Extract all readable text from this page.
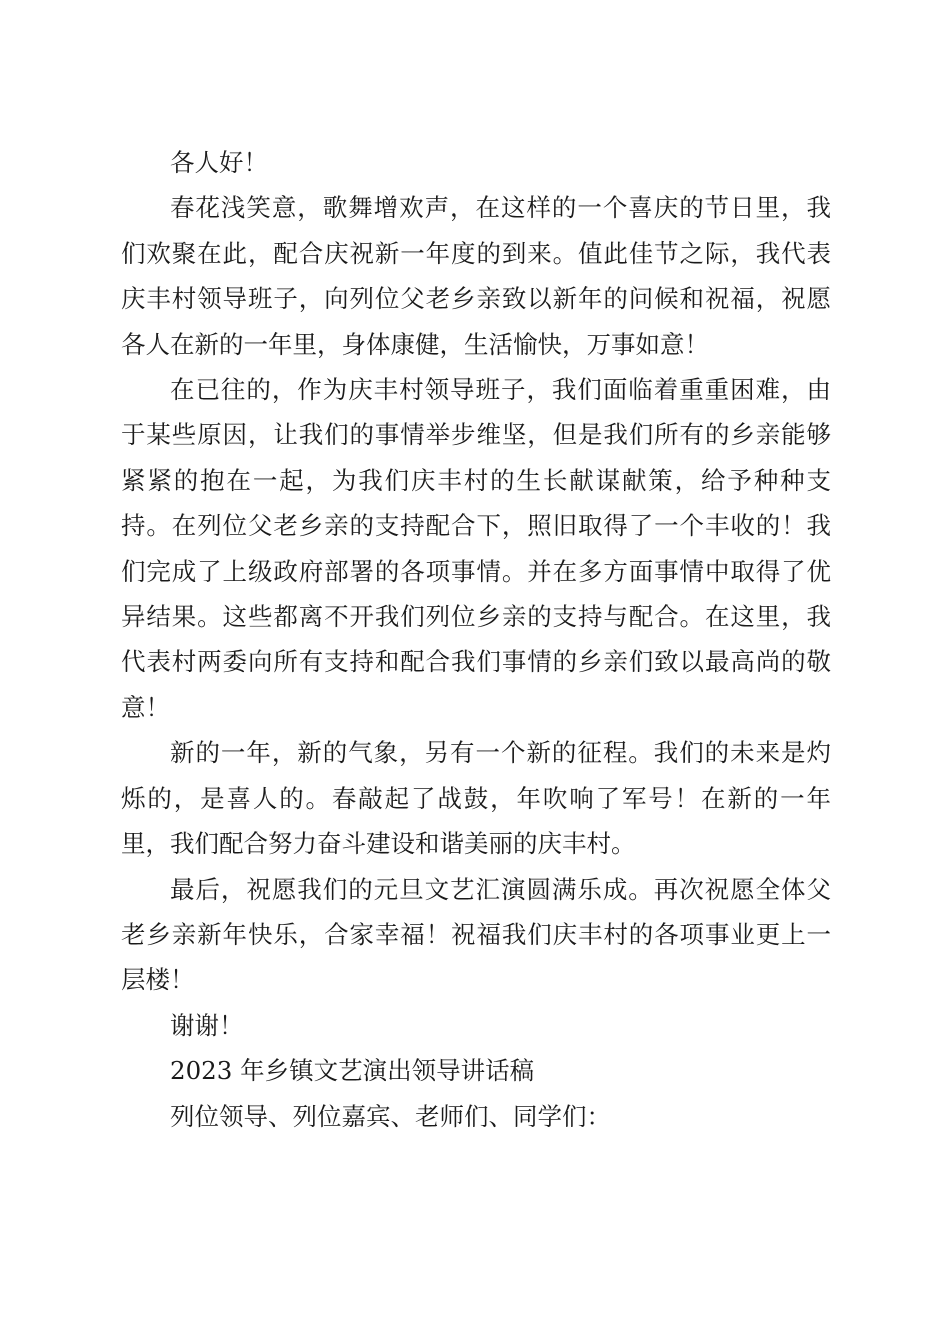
各人好！

春花浅笑意，歌舞增欢声，在这样的一个喜庆的节日里，我们欢聚在此，配合庆祝新一年度的到来。值此佳节之际，我代表庆丰村领导班子，向列位父老乡亲致以新年的问候和祝福，祝愿各人在新的一年里，身体康健，生活愉快，万事如意！

在已往的，作为庆丰村领导班子，我们面临着重重困难，由于某些原因，让我们的事情举步维坚，但是我们所有的乡亲能够紧紧的抱在一起，为我们庆丰村的生长献谋献策，给予种种支持。在列位父老乡亲的支持配合下，照旧取得了一个丰收的！我们完成了上级政府部署的各项事情。并在多方面事情中取得了优异结果。这些都离不开我们列位乡亲的支持与配合。在这里，我代表村两委向所有支持和配合我们事情的乡亲们致以最高尚的敬意！

新的一年，新的气象，另有一个新的征程。我们的未来是灼烁的，是喜人的。春敲起了战鼓，年吹响了军号！在新的一年里，我们配合努力奋斗建设和谐美丽的庆丰村。

最后，祝愿我们的元旦文艺汇演圆满乐成。再次祝愿全体父老乡亲新年快乐，合家幸福！祝福我们庆丰村的各项事业更上一层楼！

谢谢！

2023 年乡镇文艺演出领导讲话稿

列位领导、列位嘉宾、老师们、同学们：
